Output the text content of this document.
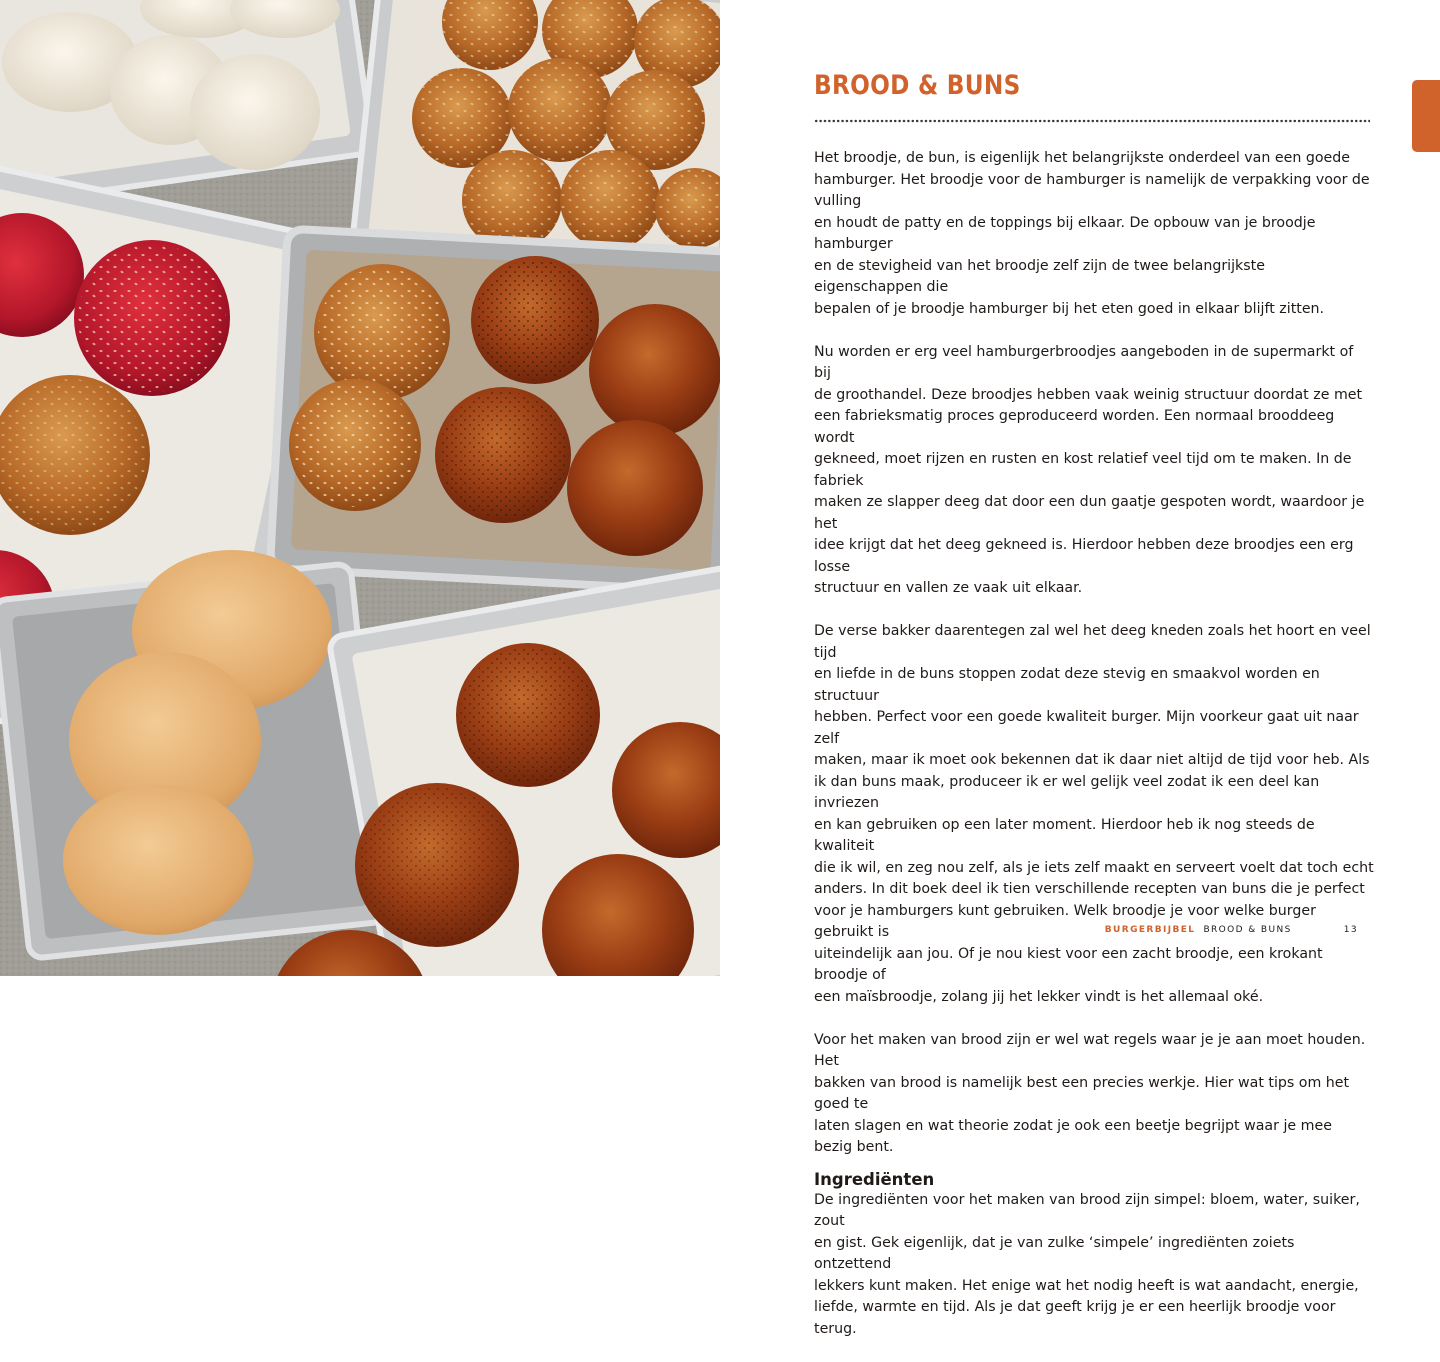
BROOD & BUNS

Het broodje, de bun, is eigenlijk het belangrijkste onderdeel van een goede
hamburger. Het broodje voor de hamburger is namelijk de verpakking voor de vulling
en houdt de patty en de toppings bij elkaar. De opbouw van je broodje hamburger
en de stevigheid van het broodje zelf zijn de twee belangrijkste eigenschappen die
bepalen of je broodje hamburger bij het eten goed in elkaar blijft zitten.

Nu worden er erg veel hamburgerbroodjes aangeboden in de supermarkt of bij
de groothandel. Deze broodjes hebben vaak weinig structuur doordat ze met
een fabrieksmatig proces geproduceerd worden. Een normaal brooddeeg wordt
gekneed, moet rijzen en rusten en kost relatief veel tijd om te maken. In de fabriek
maken ze slapper deeg dat door een dun gaatje gespoten wordt, waardoor je het
idee krijgt dat het deeg gekneed is. Hierdoor hebben deze broodjes een erg losse
structuur en vallen ze vaak uit elkaar.

De verse bakker daarentegen zal wel het deeg kneden zoals het hoort en veel tijd
en liefde in de buns stoppen zodat deze stevig en smaakvol worden en structuur
hebben. Perfect voor een goede kwaliteit burger. Mijn voorkeur gaat uit naar zelf
maken, maar ik moet ook bekennen dat ik daar niet altijd de tijd voor heb. Als
ik dan buns maak, produceer ik er wel gelijk veel zodat ik een deel kan invriezen
en kan gebruiken op een later moment. Hierdoor heb ik nog steeds de kwaliteit
die ik wil, en zeg nou zelf, als je iets zelf maakt en serveert voelt dat toch echt
anders. In dit boek deel ik tien verschillende recepten van buns die je perfect
voor je hamburgers kunt gebruiken. Welk broodje je voor welke burger gebruikt is
uiteindelijk aan jou. Of je nou kiest voor een zacht broodje, een krokant broodje of
een maïsbroodje, zolang jij het lekker vindt is het allemaal oké.

Voor het maken van brood zijn er wel wat regels waar je je aan moet houden. Het
bakken van brood is namelijk best een precies werkje. Hier wat tips om het goed te
laten slagen en wat theorie zodat je ook een beetje begrijpt waar je mee bezig bent.

Ingrediënten

De ingrediënten voor het maken van brood zijn simpel: bloem, water, suiker, zout
en gist. Gek eigenlijk, dat je van zulke ‘simpele’ ingrediënten zoiets ontzettend
lekkers kunt maken. Het enige wat het nodig heeft is wat aandacht, energie,
liefde, warmte en tijd. Als je dat geeft krijg je er een heerlijk broodje voor terug.

BURGERBIJBEL BROOD & BUNS	13
